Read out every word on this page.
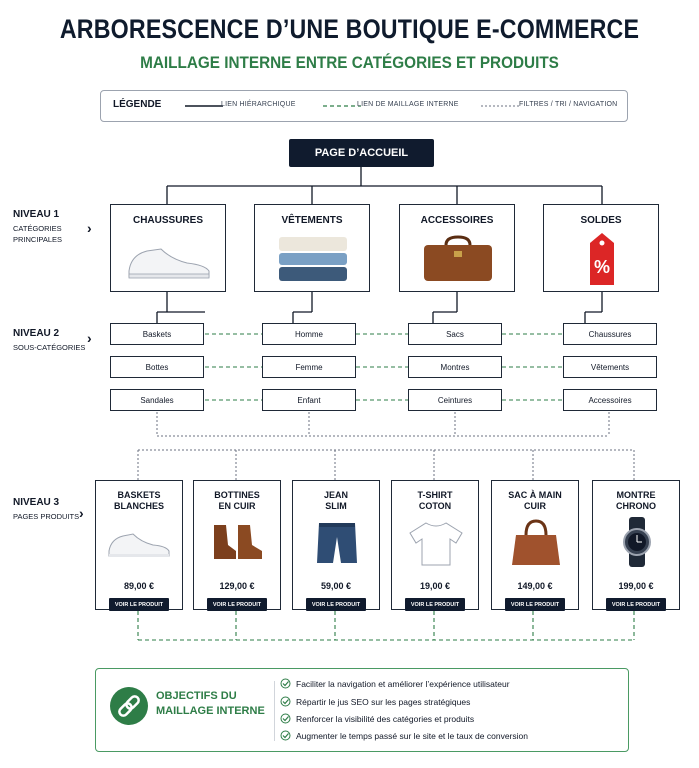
ARBORESCENCE D’UNE BOUTIQUE E-COMMERCE
MAILLAGE INTERNE ENTRE CATÉGORIES ET PRODUITS
LÉGENDE	LIEN HIÉRARCHIQUE	LIEN DE MAILLAGE INTERNE	FILTRES / TRI / NAVIGATION
PAGE D’ACCUEIL
NIVEAU 1
CATÉGORIES
PRINCIPALES
›
NIVEAU 2
SOUS-CATÉGORIES
›
NIVEAU 3
PAGES PRODUITS ›
CHAUSSURES	VÊTEMENTS	ACCESSOIRES	SOLDES
%
Baskets
Bottes
Sandales
Homme
Femme
Enfant
Sacs
Montres
Ceintures
Chaussures
Vêtements
Accessoires
BASKETS
BLANCHES
89,00 €
VOIR LE PRODUIT
BOTTINES
EN CUIR
129,00 €
VOIR LE PRODUIT
JEAN
SLIM
59,00 €
VOIR LE PRODUIT
T-SHIRT
COTON
19,00 €
VOIR LE PRODUIT
SAC À MAIN
CUIR
149,00 €
VOIR LE PRODUIT
MONTRE
CHRONO
199,00 €
VOIR LE PRODUIT
OBJECTIFS DU
MAILLAGE INTERNE
Faciliter la navigation et améliorer l’expérience utilisateur
Répartir le jus SEO sur les pages stratégiques
Renforcer la visibilité des catégories et produits
Augmenter le temps passé sur le site et le taux de conversion
